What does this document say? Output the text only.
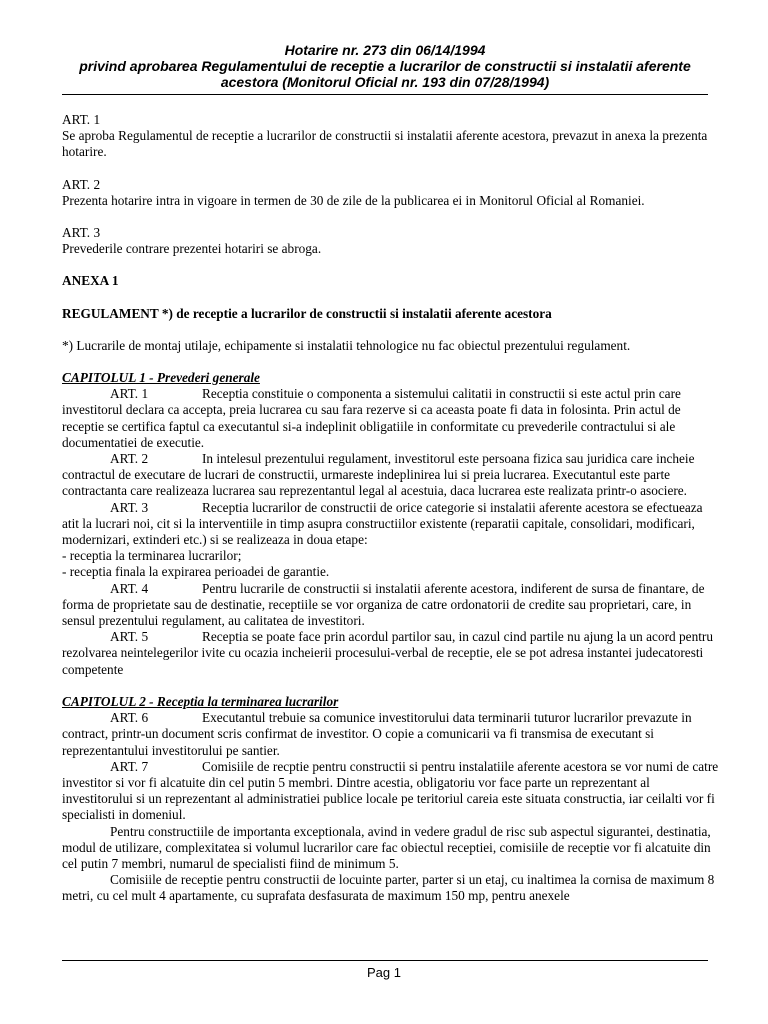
Hotarire nr. 273 din 06/14/1994
privind aprobarea Regulamentului de receptie a lucrarilor de constructii si instalatii aferente
acestora (Monitorul Oficial nr. 193 din 07/28/1994)

ART. 1

Se aproba Regulamentul de receptie a lucrarilor de constructii si instalatii aferente acestora, prevazut in anexa la prezenta hotarire.

ART. 2

Prezenta hotarire intra in vigoare in termen de 30 de zile de la publicarea ei in Monitorul Oficial al Romaniei.

ART. 3

Prevederile contrare prezentei hotariri se abroga.

ANEXA 1

REGULAMENT *) de receptie a lucrarilor de constructii si instalatii aferente acestora

*) Lucrarile de montaj utilaje, echipamente si instalatii tehnologice nu fac obiectul prezentului regulament.

CAPITOLUL 1 - Prevederi generale

ART. 1	Receptia constituie o componenta a sistemului calitatii in constructii si este actul prin care investitorul declara ca accepta, preia lucrarea cu sau fara rezerve si ca aceasta poate fi data in folosinta. Prin actul de receptie se certifica faptul ca executantul si-a indeplinit obligatiile in conformitate cu prevederile contractului si ale documentatiei de executie.

ART. 2	In intelesul prezentului regulament, investitorul este persoana fizica sau juridica care incheie contractul de executare de lucrari de constructii, urmareste indeplinirea lui si preia lucrarea. Executantul este parte contractanta care realizeaza lucrarea sau reprezentantul legal al acestuia, daca lucrarea este realizata printr-o asociere.

ART. 3	Receptia lucrarilor de constructii de orice categorie si instalatii aferente acestora se efectueaza atit la lucrari noi, cit si la interventiile in timp asupra constructiilor existente (reparatii capitale, consolidari, modificari, modernizari, extinderi etc.) si se realizeaza in doua etape:

- receptia la terminarea lucrarilor;

- receptia finala la expirarea perioadei de garantie.

ART. 4	Pentru lucrarile de constructii si instalatii aferente acestora, indiferent de sursa de finantare, de forma de proprietate sau de destinatie, receptiile se vor organiza de catre ordonatorii de credite sau proprietari, care, in sensul prezentului regulament, au calitatea de investitori.

ART. 5	Receptia se poate face prin acordul partilor sau, in cazul cind partile nu ajung la un acord pentru rezolvarea neintelegerilor ivite cu ocazia incheierii procesului-verbal de receptie, ele se pot adresa instantei judecatoresti competente

CAPITOLUL 2 - Receptia la terminarea lucrarilor

ART. 6	Executantul trebuie sa comunice investitorului data terminarii tuturor lucrarilor prevazute in contract, printr-un document scris confirmat de investitor. O copie a comunicarii va fi transmisa de executant si reprezentantului investitorului pe santier.

ART. 7	Comisiile de recptie pentru constructii si pentru instalatiile aferente acestora se vor numi de catre investitor si vor fi alcatuite din cel putin 5 membri. Dintre acestia, obligatoriu vor face parte un reprezentant al investitorului si un reprezentant al administratiei publice locale pe teritoriul careia este situata constructia, iar ceilalti vor fi specialisti in domeniul.

Pentru constructiile de importanta exceptionala, avind in vedere gradul de risc sub aspectul sigurantei, destinatia, modul de utilizare, complexitatea si volumul lucrarilor care fac obiectul receptiei, comisiile de receptie vor fi alcatuite din cel putin 7 membri, numarul de specialisti fiind de minimum 5.

Comisiile de receptie pentru constructii de locuinte parter, parter si un etaj, cu inaltimea la cornisa de maximum 8 metri, cu cel mult 4 apartamente, cu suprafata desfasurata de maximum 150 mp, pentru anexele

Pag 1
